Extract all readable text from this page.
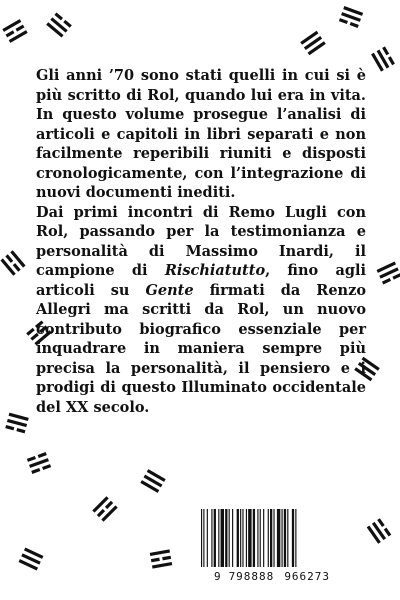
Gli anni ’70 sono stati quelli in cui si è più scritto di Rol, quando lui era in vita. In questo volume prosegue l’analisi di articoli e capitoli in libri separati e non facilmente reperibili riuniti e disposti cronologicamente, con l’integrazione di nuovi documenti inediti.

Dai primi incontri di Remo Lugli con Rol, passando per la testimonianza e personalità di Massimo Inardi, il campione di Rischiatutto, fino agli articoli su Gente firmati da Renzo Allegri ma scritti da Rol, un nuovo contributo biografico essenziale per inquadrare in maniera sempre più precisa la personalità, il pensiero e i prodigi di questo Illuminato occidentale del XX secolo.

9 798888 966273
